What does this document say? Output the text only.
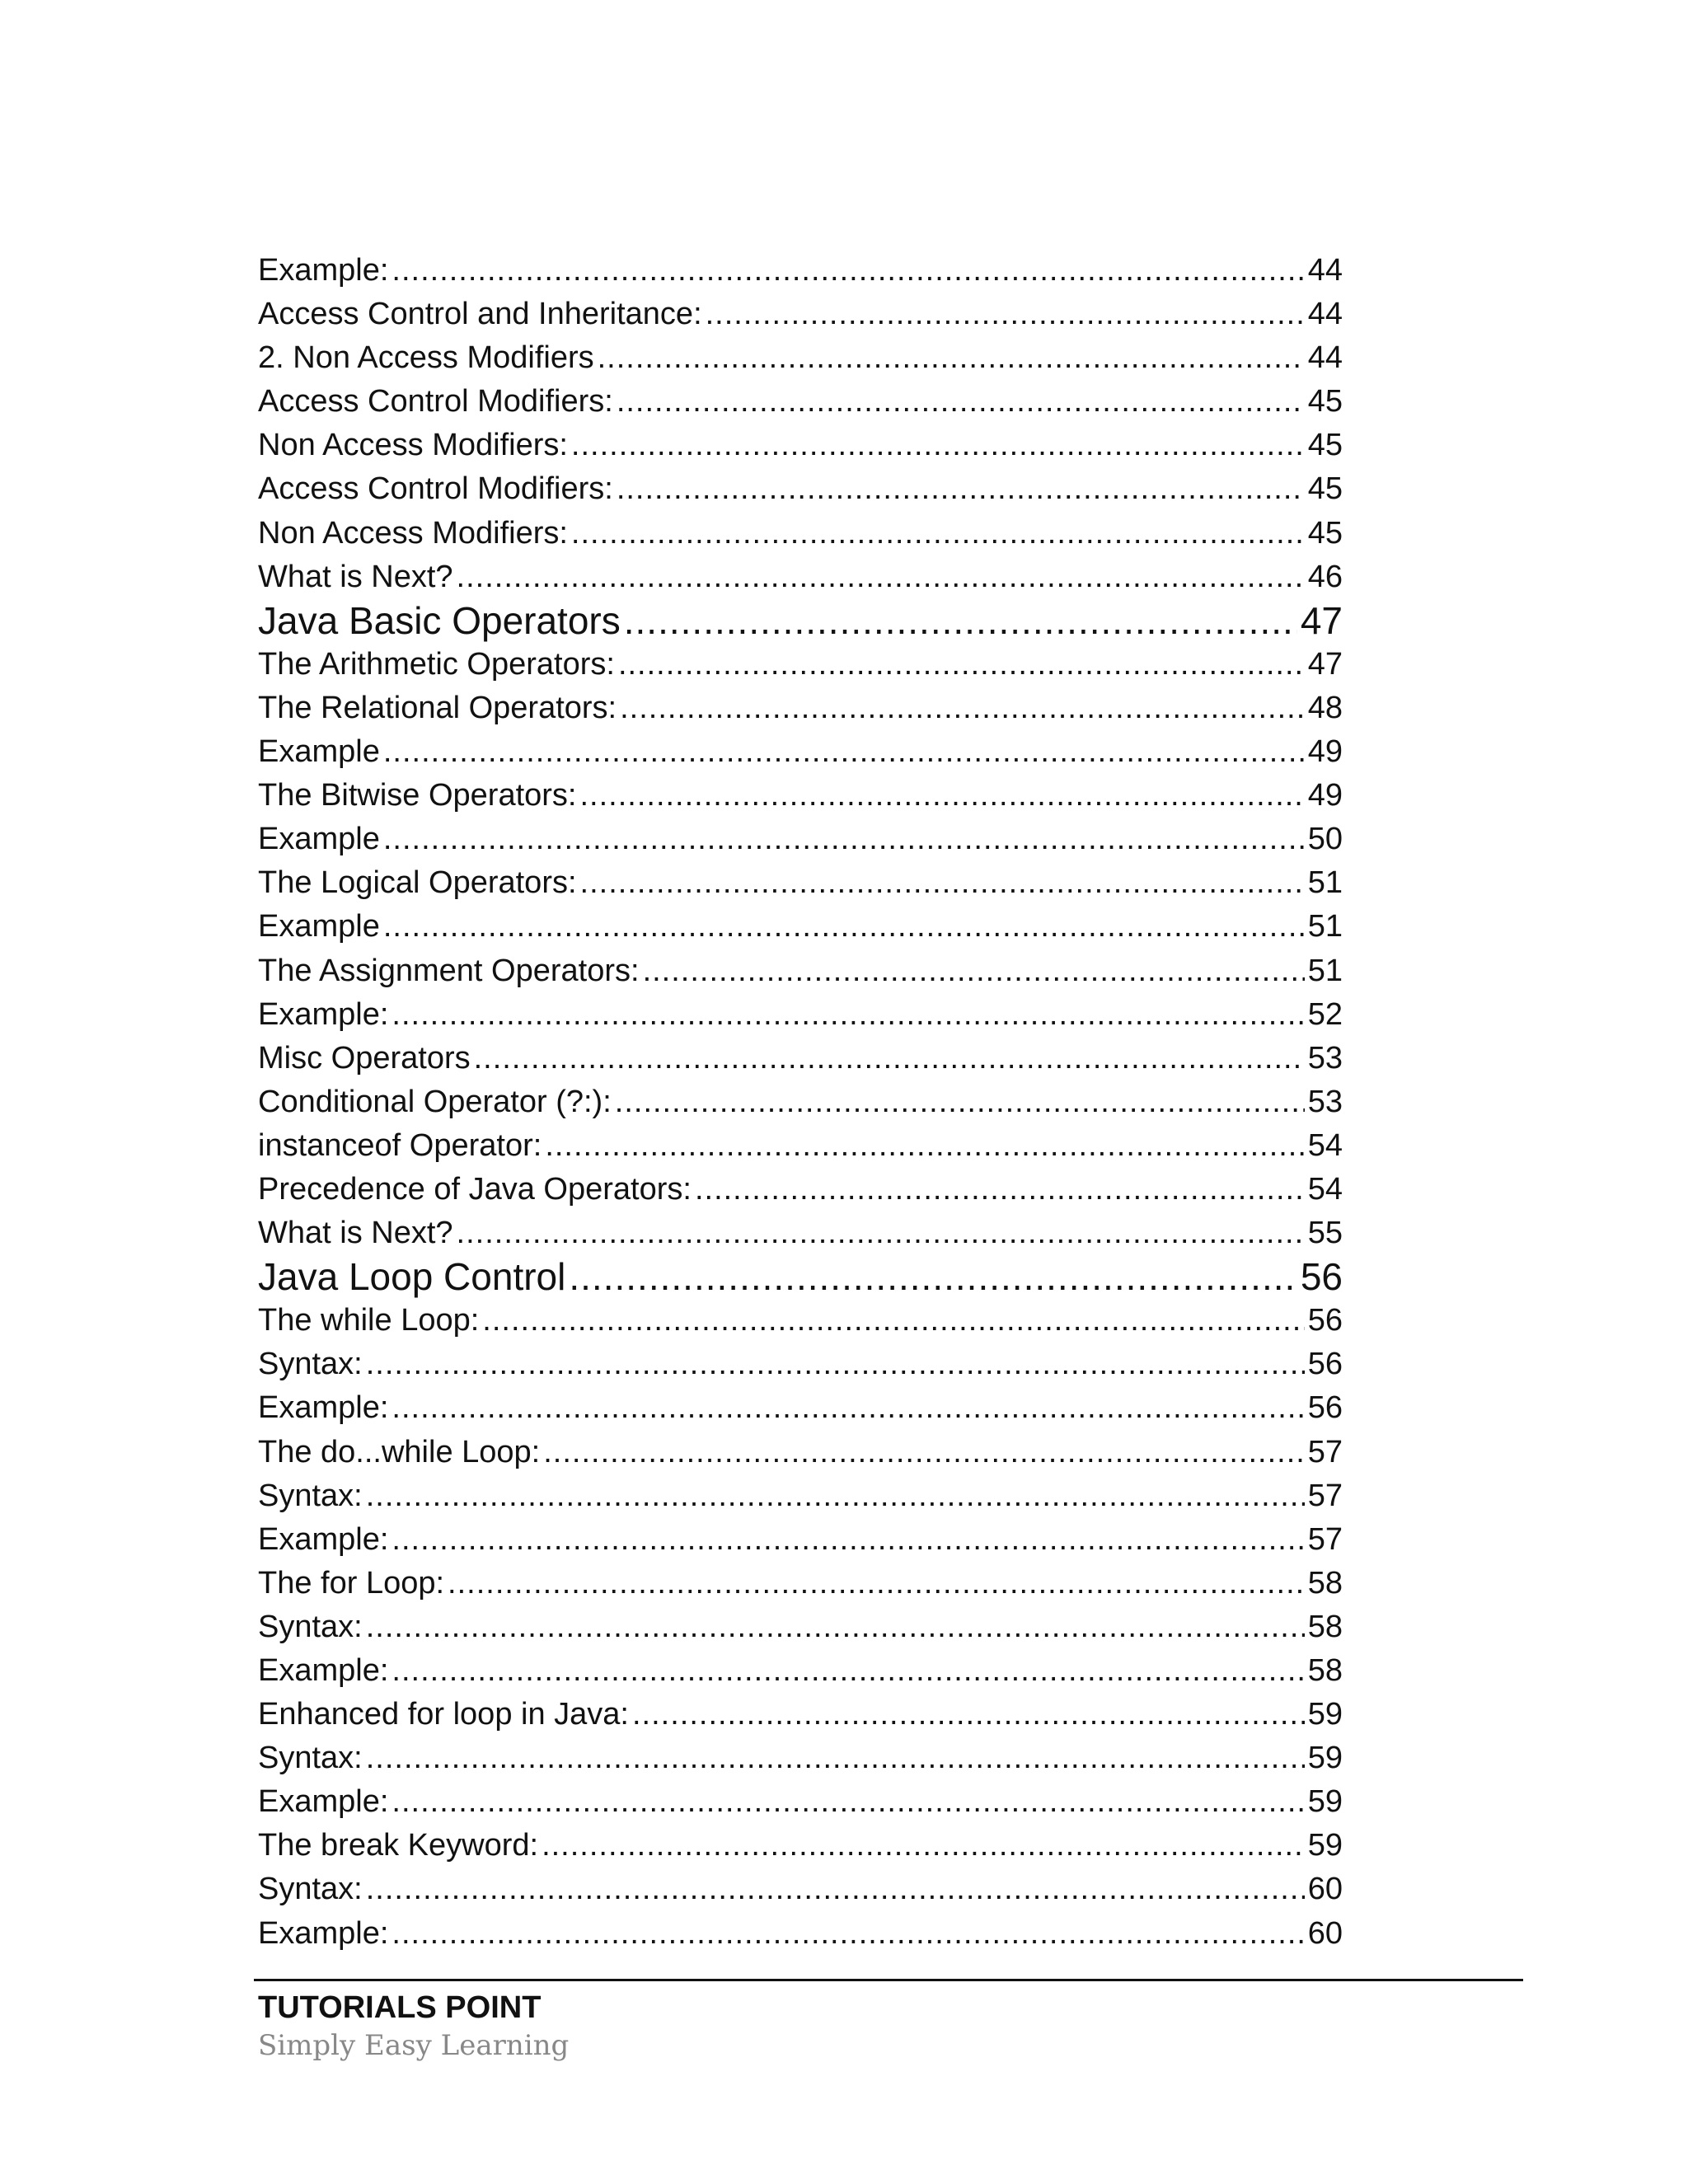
Example: .....	44
Access Control and Inheritance: .....	44
2. Non Access Modifiers .....	44
Access Control Modifiers: .....	45
Non Access Modifiers: .....	45
Access Control Modifiers: .....	45
Non Access Modifiers: .....	45
What is Next? .....	46
Java Basic Operators .....	47
The Arithmetic Operators: .....	47
The Relational Operators: .....	48
Example .....	49
The Bitwise Operators: .....	49
Example .....	50
The Logical Operators: .....	51
Example .....	51
The Assignment Operators: .....	51
Example: .....	52
Misc Operators .....	53
Conditional Operator (?:): .....	53
instanceof Operator: .....	54
Precedence of Java Operators: .....	54
What is Next? .....	55
Java Loop Control .....	56
The while Loop: .....	56
Syntax: .....	56
Example: .....	56
The do...while Loop: .....	57
Syntax: .....	57
Example: .....	57
The for Loop: .....	58
Syntax: .....	58
Example: .....	58
Enhanced for loop in Java: .....	59
Syntax: .....	59
Example: .....	59
The break Keyword: .....	59
Syntax: .....	60
Example: .....	60
TUTORIALS POINT
Simply Easy Learning
